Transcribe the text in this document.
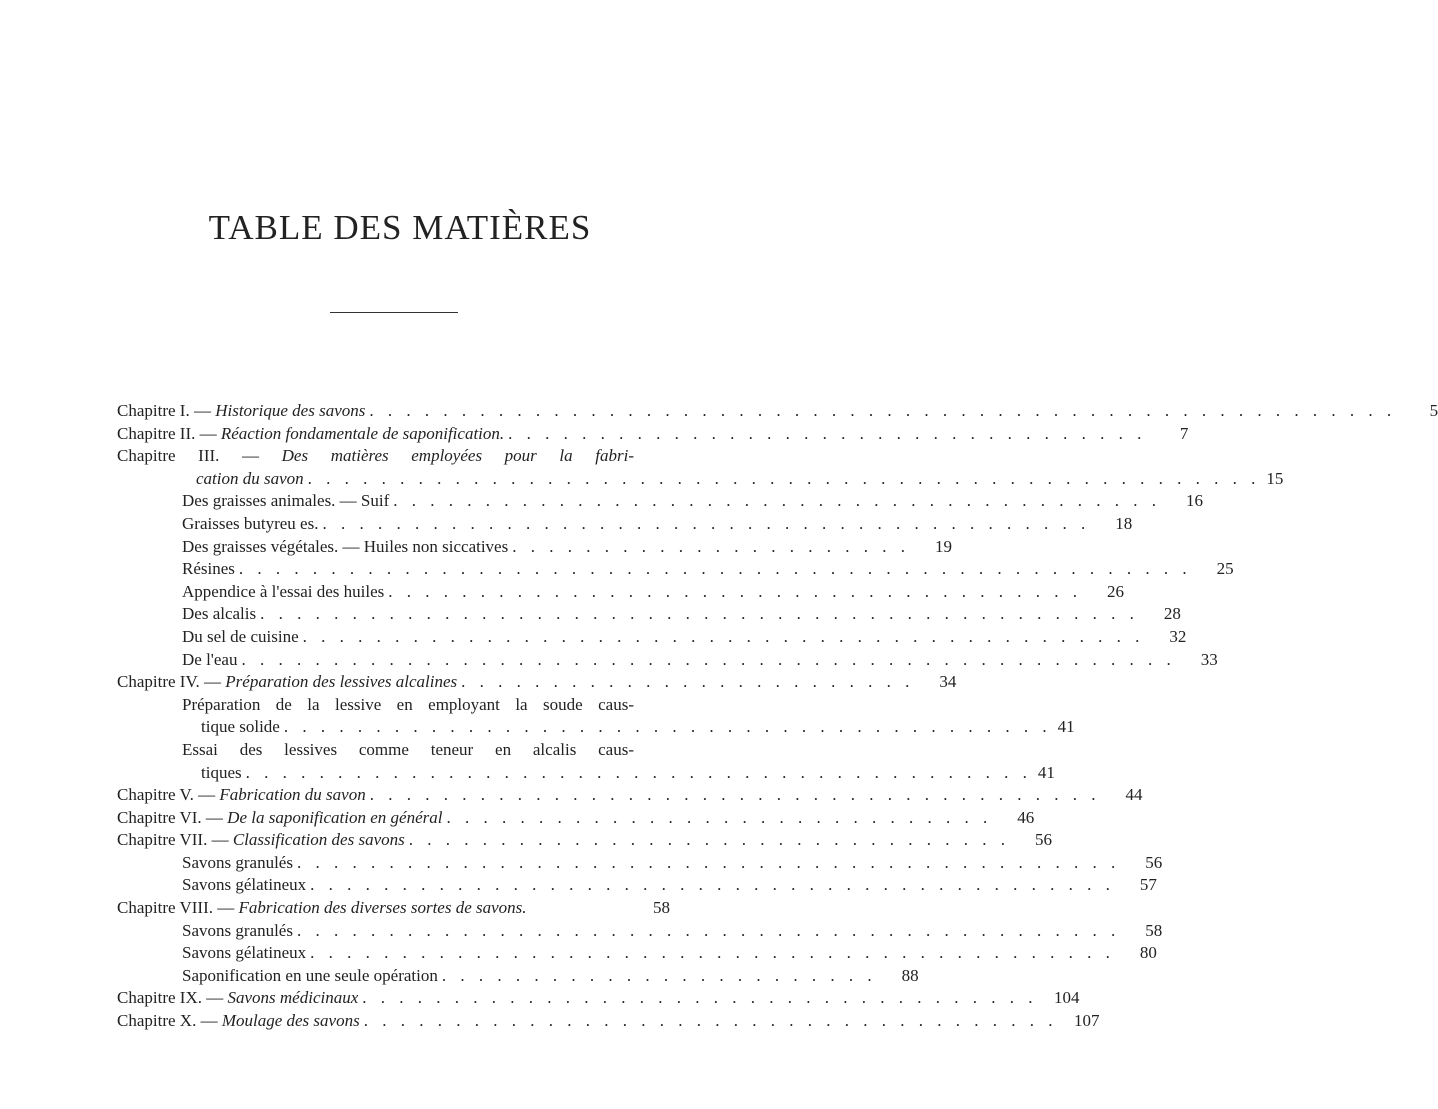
TABLE DES MATIÈRES
Chapitre I. — Historique des savons . . . . . . . . . . . . . . . . . . . . . . . . . . . . . . . . . . . . . . . . . . . . . . . . . . . . . . . .	5
Chapitre II. — Réaction fondamentale de saponification. . . . . . . . . . . . . . . . . . . . . . . . . . . . . . . . . . . .	7
Chapitre III. — Des matières employées pour la fabri-
cation du savon . . . . . . . . . . . . . . . . . . . . . . . . . . . . . . . . . . . . . . . . . . . . . . . . . . . . 15
Des graisses animales. — Suif . . . . . . . . . . . . . . . . . . . . . . . . . . . . . . . . . . . . . . . . . .	16
Graisses butyreu es. . . . . . . . . . . . . . . . . . . . . . . . . . . . . . . . . . . . . . . . . . .	18
Des graisses végétales. — Huiles non siccatives . . . . . . . . . . . . . . . . . . . . . .	19
Résines . . . . . . . . . . . . . . . . . . . . . . . . . . . . . . . . . . . . . . . . . . . . . . . . . . . .	25
Appendice à l'essai des huiles . . . . . . . . . . . . . . . . . . . . . . . . . . . . . . . . . . . . . .	26
Des alcalis . . . . . . . . . . . . . . . . . . . . . . . . . . . . . . . . . . . . . . . . . . . . . . . .	28
Du sel de cuisine . . . . . . . . . . . . . . . . . . . . . . . . . . . . . . . . . . . . . . . . . . . . . .	32
De l'eau . . . . . . . . . . . . . . . . . . . . . . . . . . . . . . . . . . . . . . . . . . . . . . . . . . .	33
Chapitre IV. — Préparation des lessives alcalines . . . . . . . . . . . . . . . . . . . . . . . . .	34
Préparation de la lessive en employant la soude caus-
tique solide . . . . . . . . . . . . . . . . . . . . . . . . . . . . . . . . . . . . . . . . . . 41
Essai des lessives comme teneur en alcalis caus-
tiques . . . . . . . . . . . . . . . . . . . . . . . . . . . . . . . . . . . . . . . . . . . 41
Chapitre V. — Fabrication du savon . . . . . . . . . . . . . . . . . . . . . . . . . . . . . . . . . . . . . . . .	44
Chapitre VI. — De la saponification en général . . . . . . . . . . . . . . . . . . . . . . . . . . . . . .	46
Chapitre VII. — Classification des savons . . . . . . . . . . . . . . . . . . . . . . . . . . . . . . . . .	56
Savons granulés . . . . . . . . . . . . . . . . . . . . . . . . . . . . . . . . . . . . . . . . . . . . .	56
Savons gélatineux . . . . . . . . . . . . . . . . . . . . . . . . . . . . . . . . . . . . . . . . . . . .	57
Chapitre VIII. — Fabrication des diverses sortes de savons.	58
Savons granulés . . . . . . . . . . . . . . . . . . . . . . . . . . . . . . . . . . . . . . . . . . . . .	58
Savons gélatineux . . . . . . . . . . . . . . . . . . . . . . . . . . . . . . . . . . . . . . . . . . . .	80
Saponification en une seule opération . . . . . . . . . . . . . . . . . . . . . . . .	88
Chapitre IX. — Savons médicinaux . . . . . . . . . . . . . . . . . . . . . . . . . . . . . . . . . . . . . 104
Chapitre X. — Moulage des savons . . . . . . . . . . . . . . . . . . . . . . . . . . . . . . . . . . . . . . 107
